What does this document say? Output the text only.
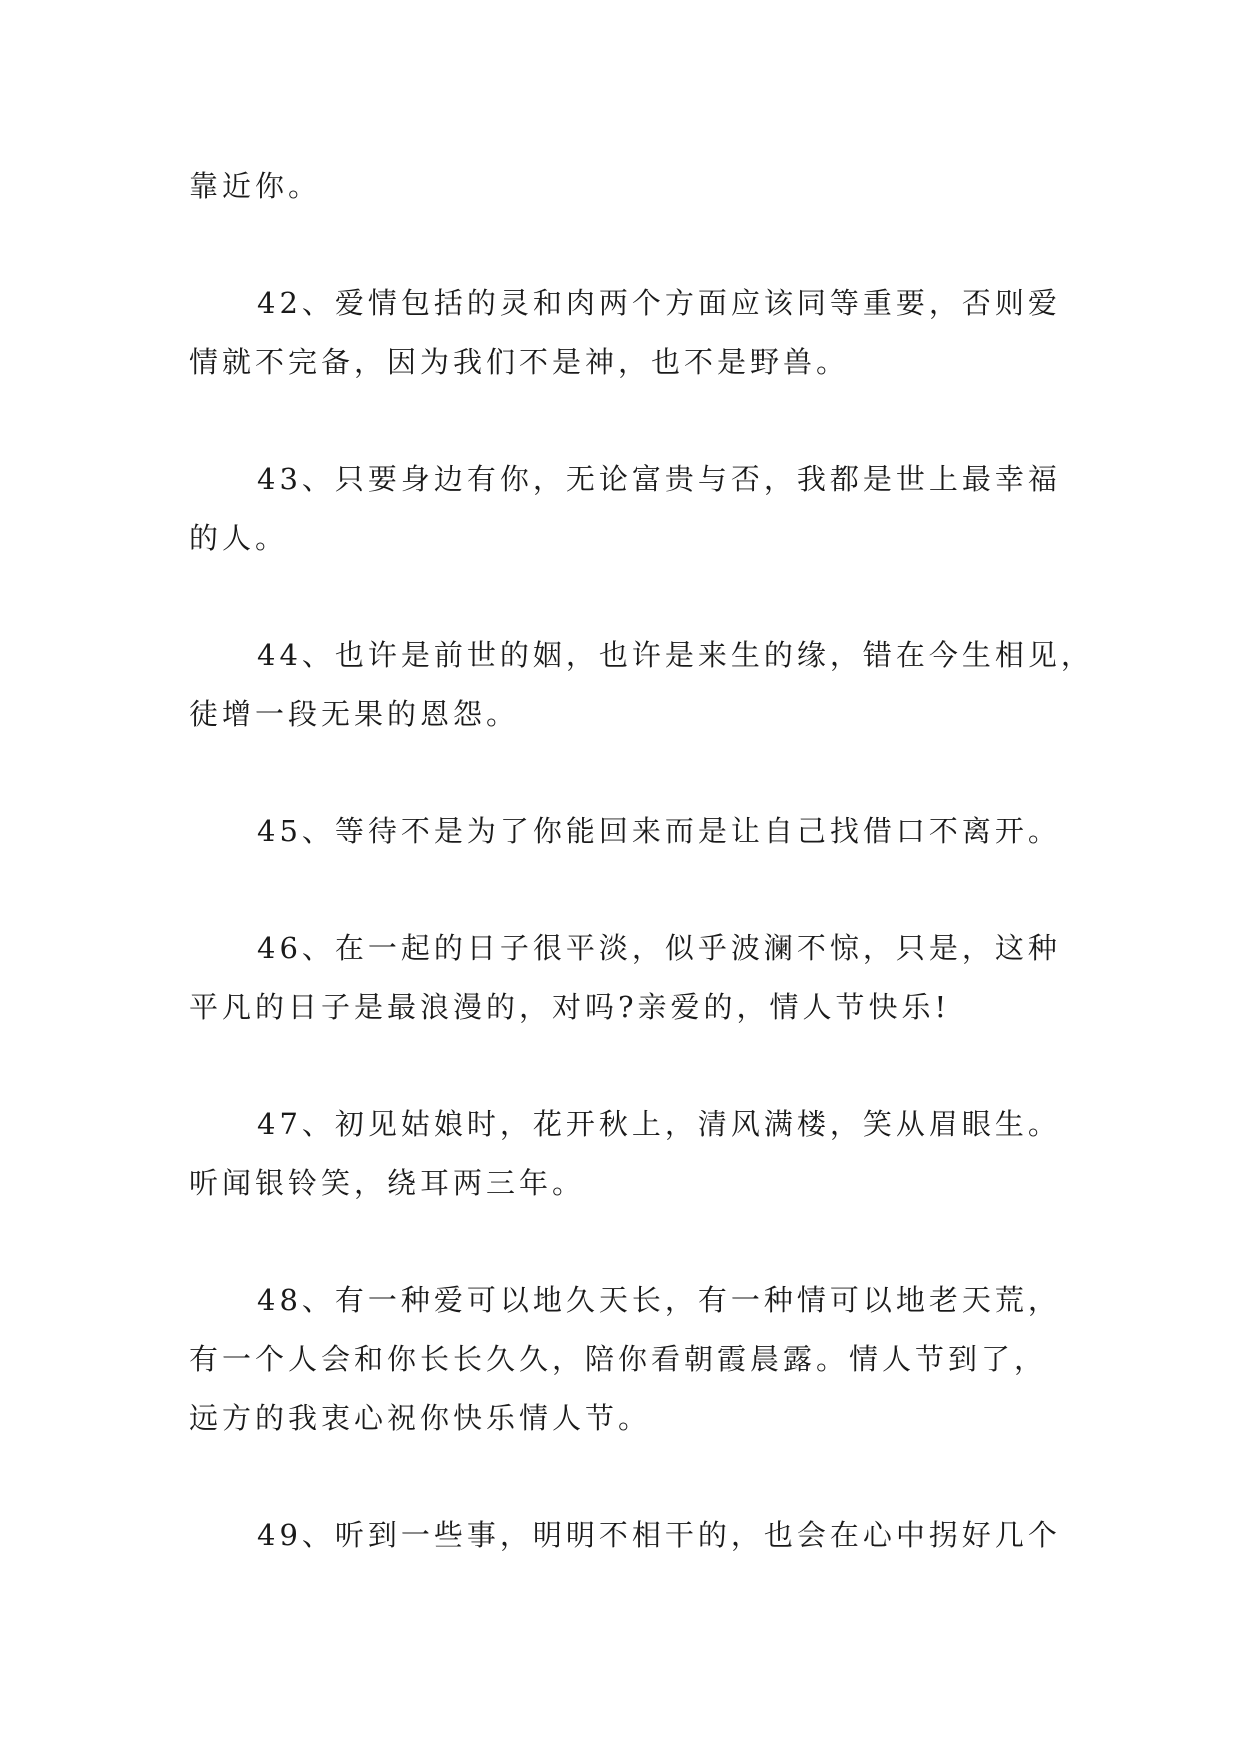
靠近你。
42、爱情包括的灵和肉两个方面应该同等重要，否则爱
情就不完备，因为我们不是神，也不是野兽。
43、只要身边有你，无论富贵与否，我都是世上最幸福
的人。
44、也许是前世的姻，也许是来生的缘，错在今生相见，
徒增一段无果的恩怨。
45、等待不是为了你能回来而是让自己找借口不离开。
46、在一起的日子很平淡，似乎波澜不惊，只是，这种
平凡的日子是最浪漫的，对吗?亲爱的，情人节快乐!
47、初见姑娘时，花开秋上，清风满楼，笑从眉眼生。
听闻银铃笑，绕耳两三年。
48、有一种爱可以地久天长，有一种情可以地老天荒，
有一个人会和你长长久久，陪你看朝霞晨露。情人节到了，
远方的我衷心祝你快乐情人节。
49、听到一些事，明明不相干的，也会在心中拐好几个
